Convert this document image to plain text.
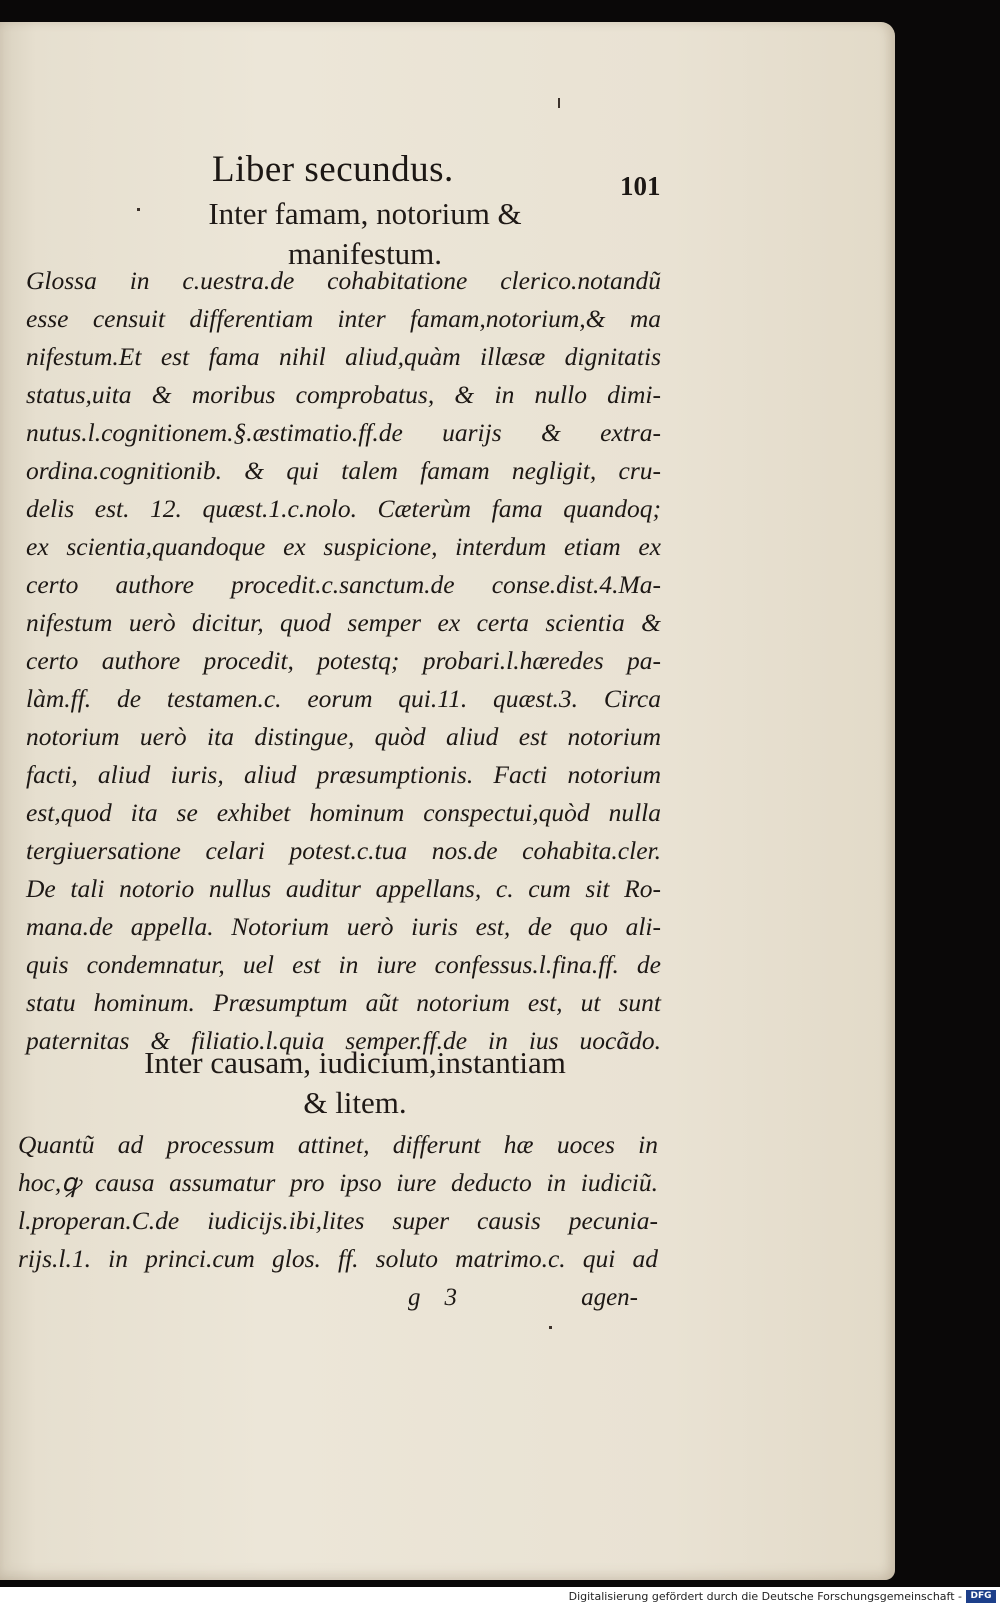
Liber secundus.	101
Inter famam, notorium &
manifestum.
Glossa in c.uestra.de cohabitatione clerico.notandũ
esse censuit differentiam inter famam,notorium,& ma
nifestum.Et est fama nihil aliud,quàm illæsæ dignitatis
status,uita & moribus comprobatus, & in nullo dimi-
nutus.l.cognitionem.§.æstimatio.ff.de uarijs & extra-
ordina.cognitionib. & qui talem famam negligit, cru-
delis est. 12. quæst.1.c.nolo. Cæterùm fama quandoq;
ex scientia,quandoque ex suspicione, interdum etiam ex
certo authore procedit.c.sanctum.de conse.dist.4.Ma-
nifestum uerò dicitur, quod semper ex certa scientia &
certo authore procedit, potestq; probari.l.hæredes pa-
làm.ff. de testamen.c. eorum qui.11. quæst.3. Circa
notorium uerò ita distingue, quòd aliud est notorium
facti, aliud iuris, aliud præsumptionis. Facti notorium
est,quod ita se exhibet hominum conspectui,quòd nulla
tergiuersatione celari potest.c.tua nos.de cohabita.cler.
De tali notorio nullus auditur appellans, c. cum sit Ro-
mana.de appella. Notorium uerò iuris est, de quo ali-
quis condemnatur, uel est in iure confessus.l.fina.ff. de
statu hominum. Præsumptum aũt notorium est, ut sunt
paternitas & filiatio.l.quia semper.ff.de in ius uocãdo.
Inter causam, iudicium,instantiam
& litem.
Quantũ ad processum attinet, differunt hæ uoces in
hoc,ꝙ causa assumatur pro ipso iure deducto in iudiciũ.
l.properan.C.de iudicijs.ibi,lites super causis pecunia-
rijs.l.1. in princi.cum glos. ff. soluto matrimo.c. qui ad
g 3	agen-
Digitalisierung gefördert durch die Deutsche Forschungsgemeinschaft - DFG
